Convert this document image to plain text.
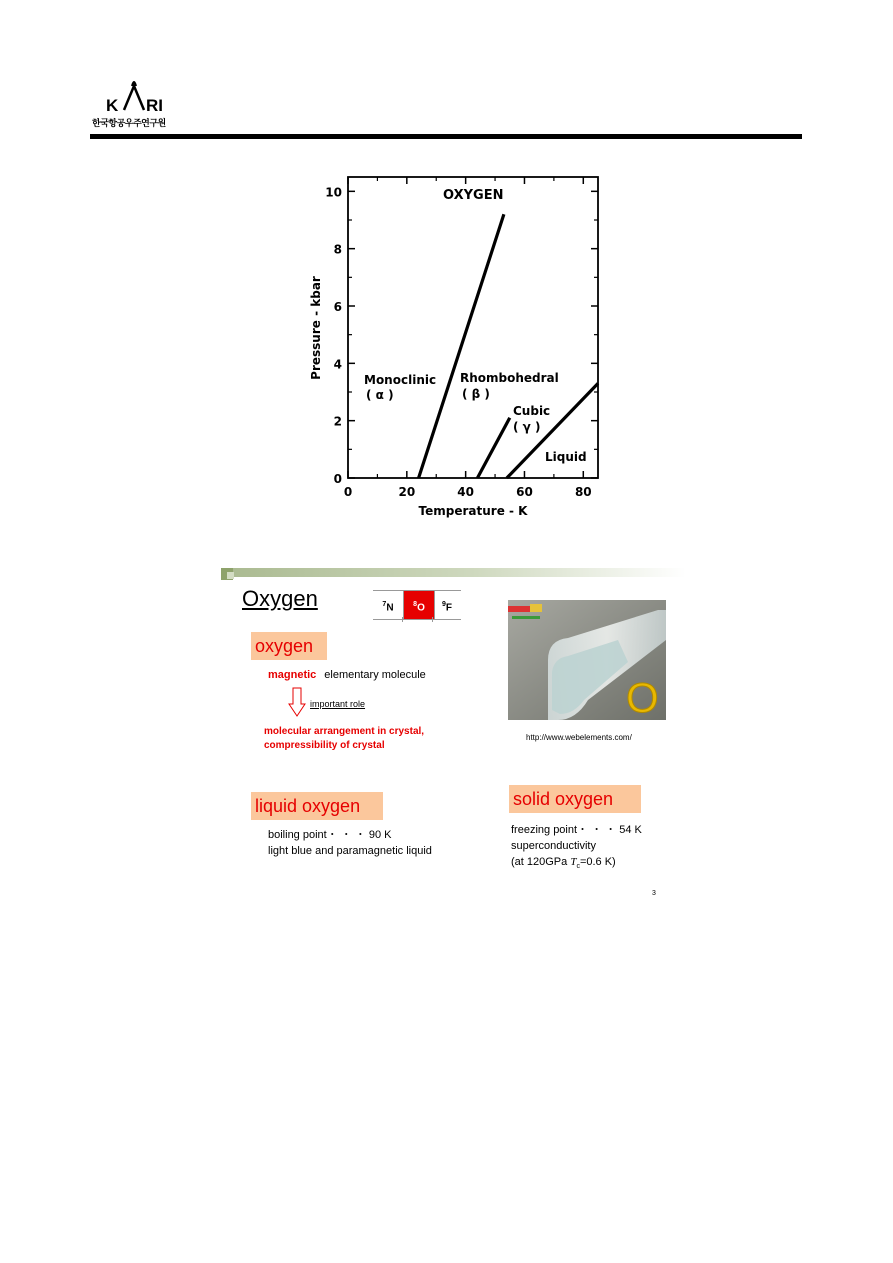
K RI
한국항공우주연구원
0	20	40	60	80
0
2
4
6
8
10	OXYGEN
Monoclinic
( α )
Rhombohedral
( β )
Cubic
( γ )
Liquid
Temperature - K
Pressure - kbar
Oxygen	$^7$N	$^8$O	$^9$F
oxygen
magnetic elementary molecule
important role
molecular arrangement in crystal,
compressibility of crystal
liquid oxygen
boiling point・ ・ ・ 90 K
light blue and paramagnetic liquid
solid oxygen
freezing point・ ・ ・ 54 K
superconductivity
(at 120GPa $T_c=0.6$ K)
O
http://www.webelements.com/
3
